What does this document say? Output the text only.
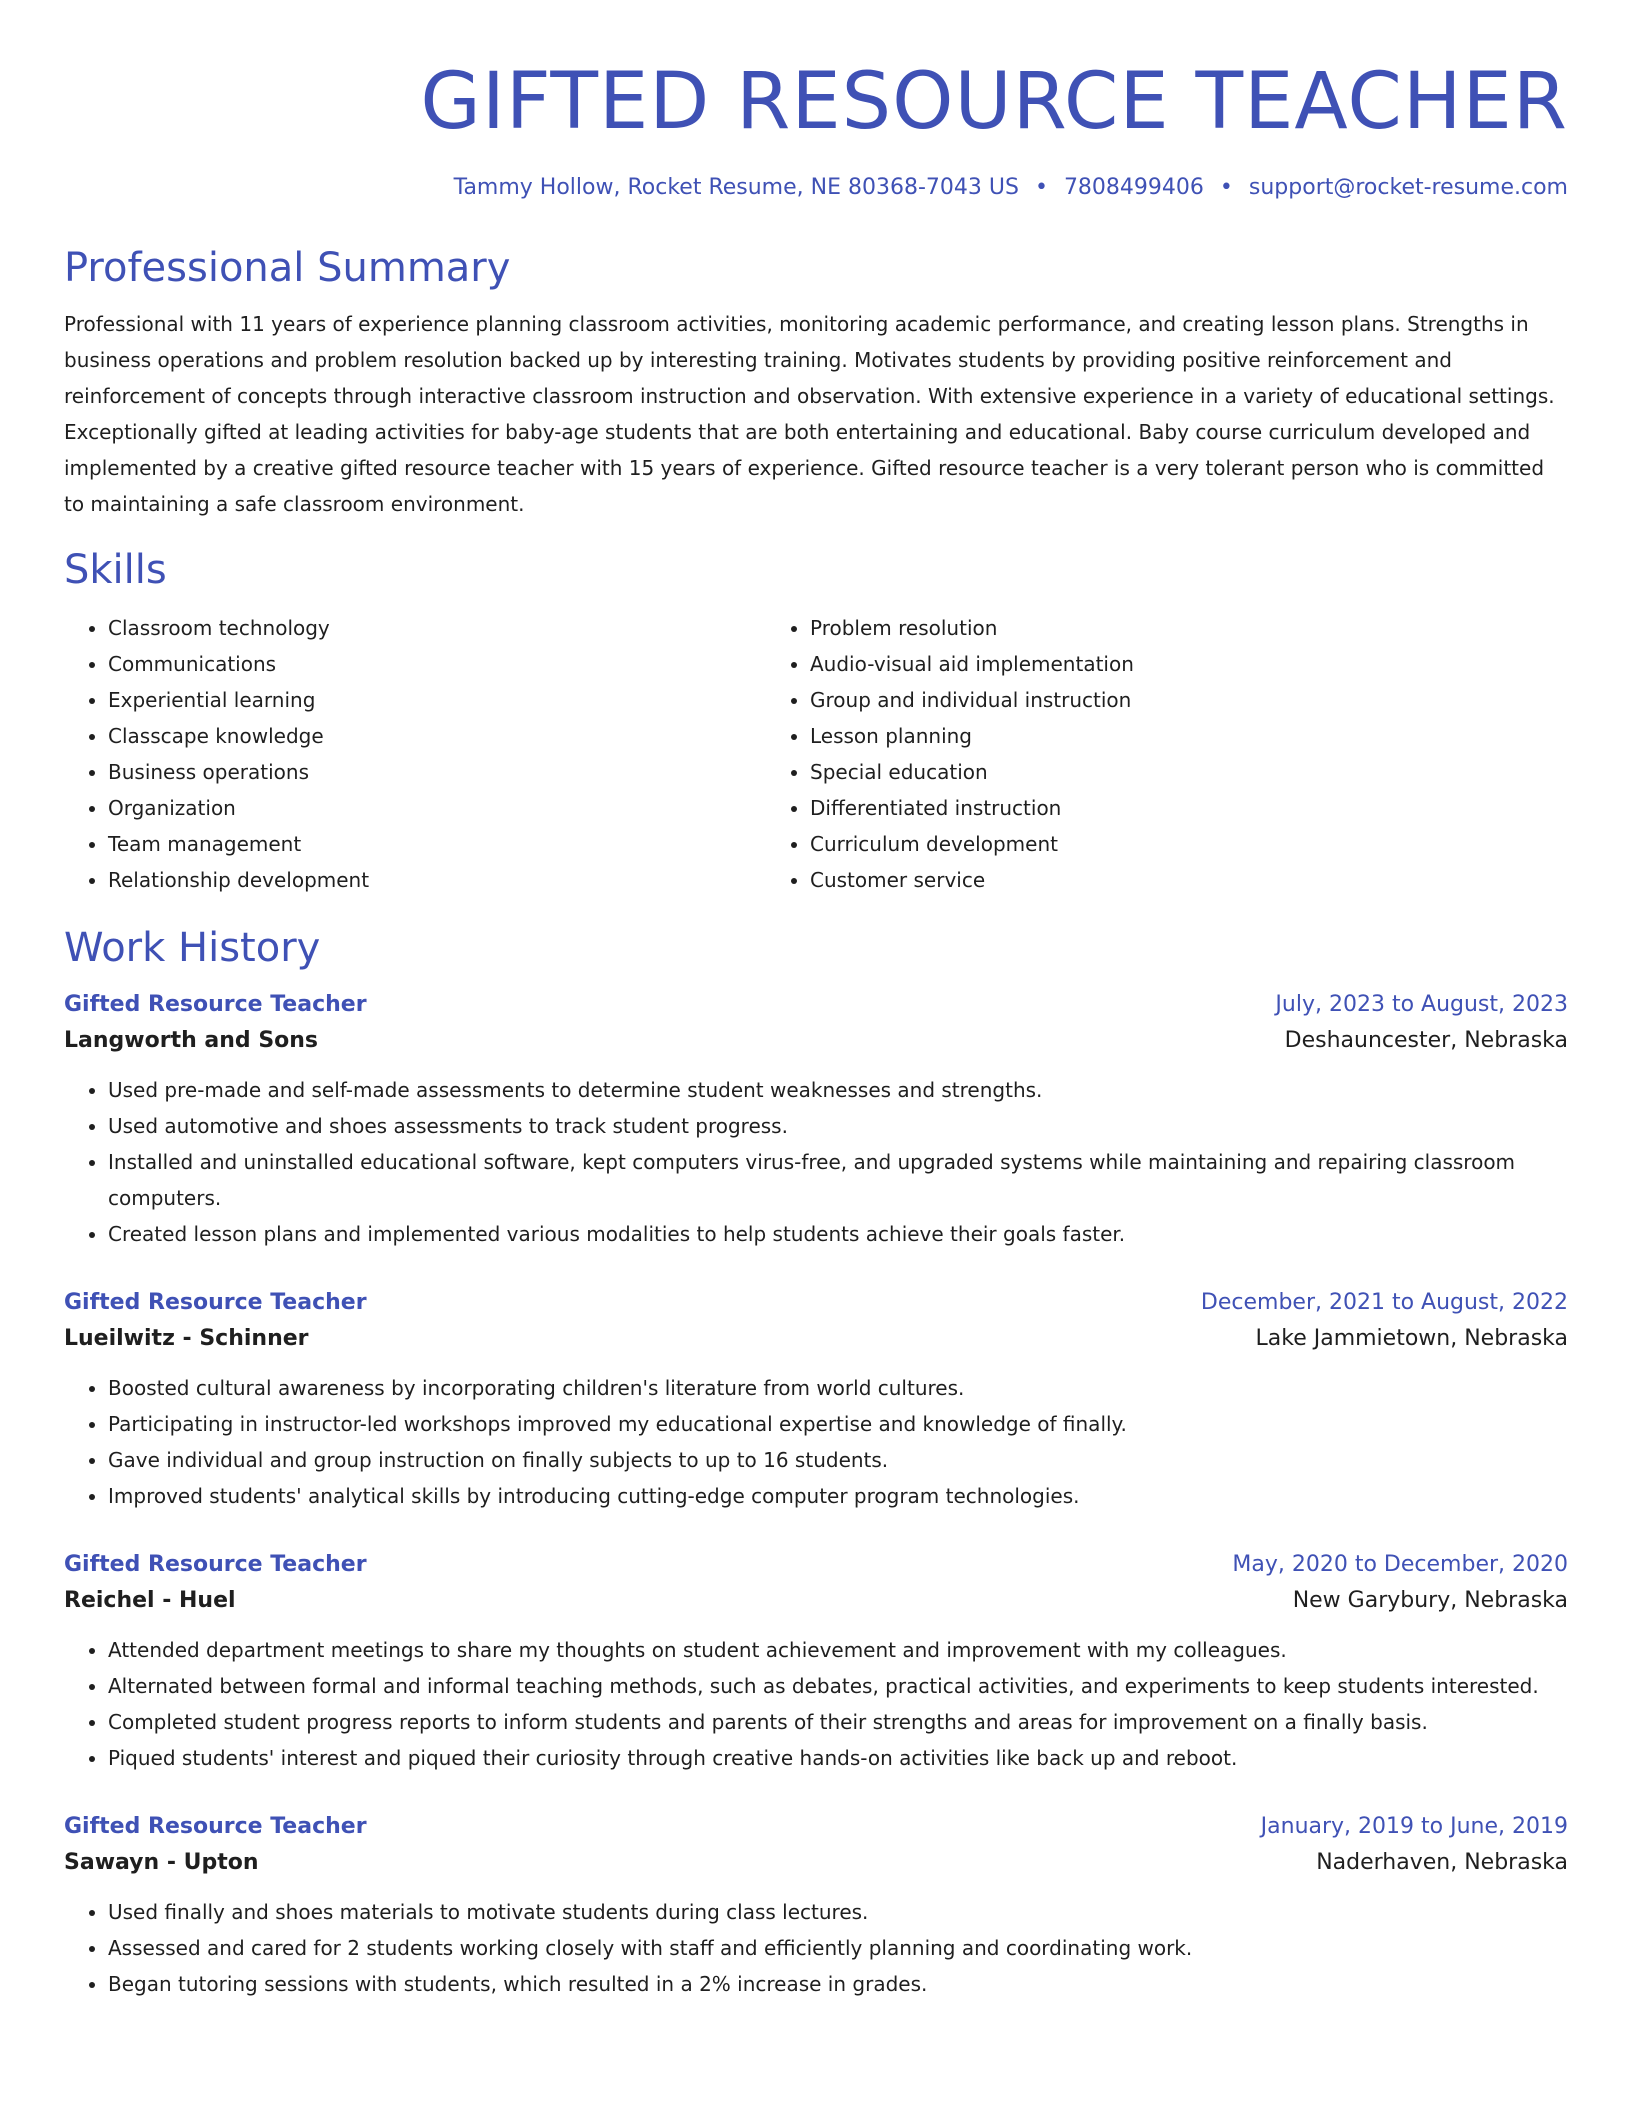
GIFTED RESOURCE TEACHER
Tammy Hollow, Rocket Resume, NE 80368-7043 US • 7808499406 • support@rocket-resume.com
Professional Summary
Professional with 11 years of experience planning classroom activities, monitoring academic performance, and creating lesson plans. Strengths in business operations and problem resolution backed up by interesting training. Motivates students by providing positive reinforcement and reinforcement of concepts through interactive classroom instruction and observation. With extensive experience in a variety of educational settings. Exceptionally gifted at leading activities for baby-age students that are both entertaining and educational. Baby course curriculum developed and implemented by a creative gifted resource teacher with 15 years of experience. Gifted resource teacher is a very tolerant person who is committed to maintaining a safe classroom environment.
Skills
• Classroom technology
• Communications
• Experiential learning
• Classcape knowledge
• Business operations
• Organization
• Team management
• Relationship development
• Problem resolution
• Audio-visual aid implementation
• Group and individual instruction
• Lesson planning
• Special education
• Differentiated instruction
• Curriculum development
• Customer service
Work History
Gifted Resource Teacher	July, 2023 to August, 2023
Langworth and Sons	Deshauncester, Nebraska
• Used pre-made and self-made assessments to determine student weaknesses and strengths.
• Used automotive and shoes assessments to track student progress.
• Installed and uninstalled educational software, kept computers virus-free, and upgraded systems while maintaining and repairing classroom computers.
• Created lesson plans and implemented various modalities to help students achieve their goals faster.
Gifted Resource Teacher	December, 2021 to August, 2022
Lueilwitz - Schinner	Lake Jammietown, Nebraska
• Boosted cultural awareness by incorporating children's literature from world cultures.
• Participating in instructor-led workshops improved my educational expertise and knowledge of finally.
• Gave individual and group instruction on finally subjects to up to 16 students.
• Improved students' analytical skills by introducing cutting-edge computer program technologies.
Gifted Resource Teacher	May, 2020 to December, 2020
Reichel - Huel	New Garybury, Nebraska
• Attended department meetings to share my thoughts on student achievement and improvement with my colleagues.
• Alternated between formal and informal teaching methods, such as debates, practical activities, and experiments to keep students interested.
• Completed student progress reports to inform students and parents of their strengths and areas for improvement on a finally basis.
• Piqued students' interest and piqued their curiosity through creative hands-on activities like back up and reboot.
Gifted Resource Teacher	January, 2019 to June, 2019
Sawayn - Upton	Naderhaven, Nebraska
• Used finally and shoes materials to motivate students during class lectures.
• Assessed and cared for 2 students working closely with staff and efficiently planning and coordinating work.
• Began tutoring sessions with students, which resulted in a 2% increase in grades.
